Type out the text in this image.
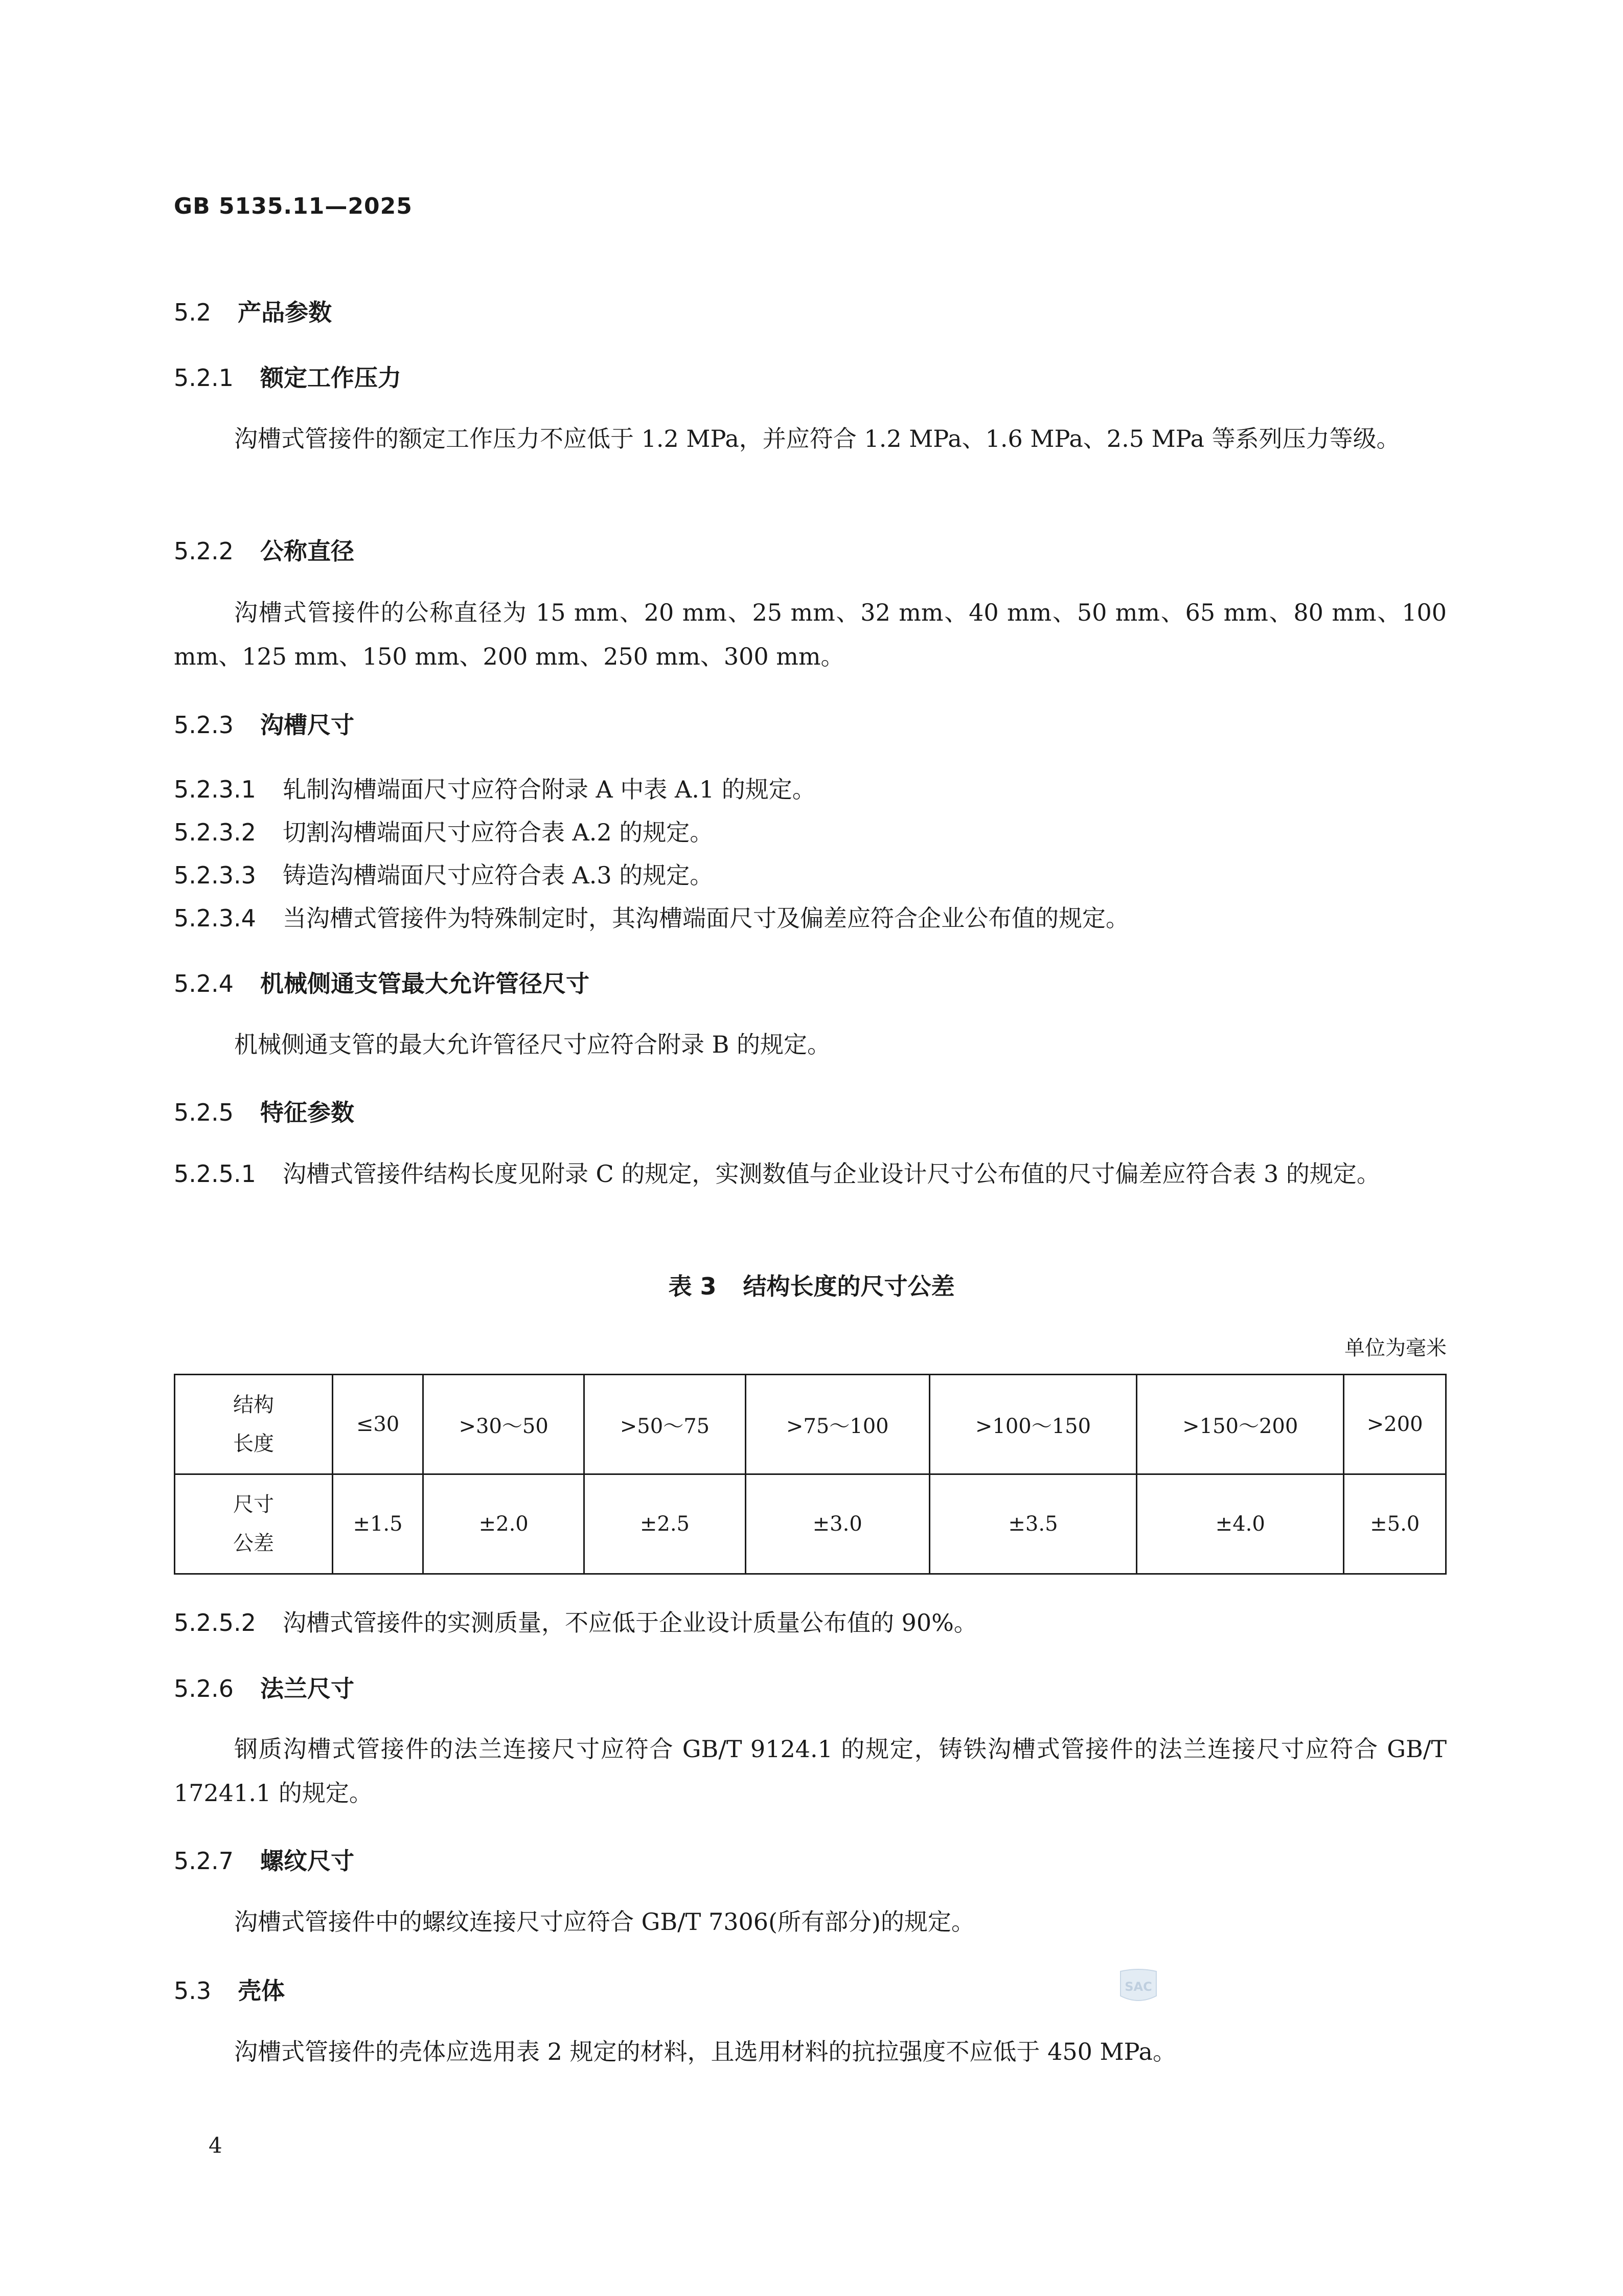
GB 5135.11—2025
5.2 产品参数
5.2.1 额定工作压力
沟槽式管接件的额定工作压力不应低于 1.2 MPa，并应符合 1.2 MPa、1.6 MPa、2.5 MPa 等系列压力等级。
5.2.2 公称直径
沟槽式管接件的公称直径为 15 mm、20 mm、25 mm、32 mm、40 mm、50 mm、65 mm、80 mm、100 mm、125 mm、150 mm、200 mm、250 mm、300 mm。
5.2.3 沟槽尺寸
5.2.3.1 轧制沟槽端面尺寸应符合附录 A 中表 A.1 的规定。
5.2.3.2 切割沟槽端面尺寸应符合表 A.2 的规定。
5.2.3.3 铸造沟槽端面尺寸应符合表 A.3 的规定。
5.2.3.4 当沟槽式管接件为特殊制定时，其沟槽端面尺寸及偏差应符合企业公布值的规定。
5.2.4 机械侧通支管最大允许管径尺寸
机械侧通支管的最大允许管径尺寸应符合附录 B 的规定。
5.2.5 特征参数
5.2.5.1 沟槽式管接件结构长度见附录 C 的规定，实测数值与企业设计尺寸公布值的尺寸偏差应符合表 3 的规定。
表 3 结构长度的尺寸公差
单位为毫米
结构
长度	≤30	>30～50	>50～75	>75～100	>100～150	>150～200	>200

尺寸
公差	±1.5	±2.0	±2.5	±3.0	±3.5	±4.0	±5.0
5.2.5.2 沟槽式管接件的实测质量，不应低于企业设计质量公布值的 90%。
5.2.6 法兰尺寸
钢质沟槽式管接件的法兰连接尺寸应符合 GB/T 9124.1 的规定，铸铁沟槽式管接件的法兰连接尺寸应符合 GB/T 17241.1 的规定。
5.2.7 螺纹尺寸
沟槽式管接件中的螺纹连接尺寸应符合 GB/T 7306(所有部分)的规定。
SAC
5.3 壳体
沟槽式管接件的壳体应选用表 2 规定的材料，且选用材料的抗拉强度不应低于 450 MPa。
4
